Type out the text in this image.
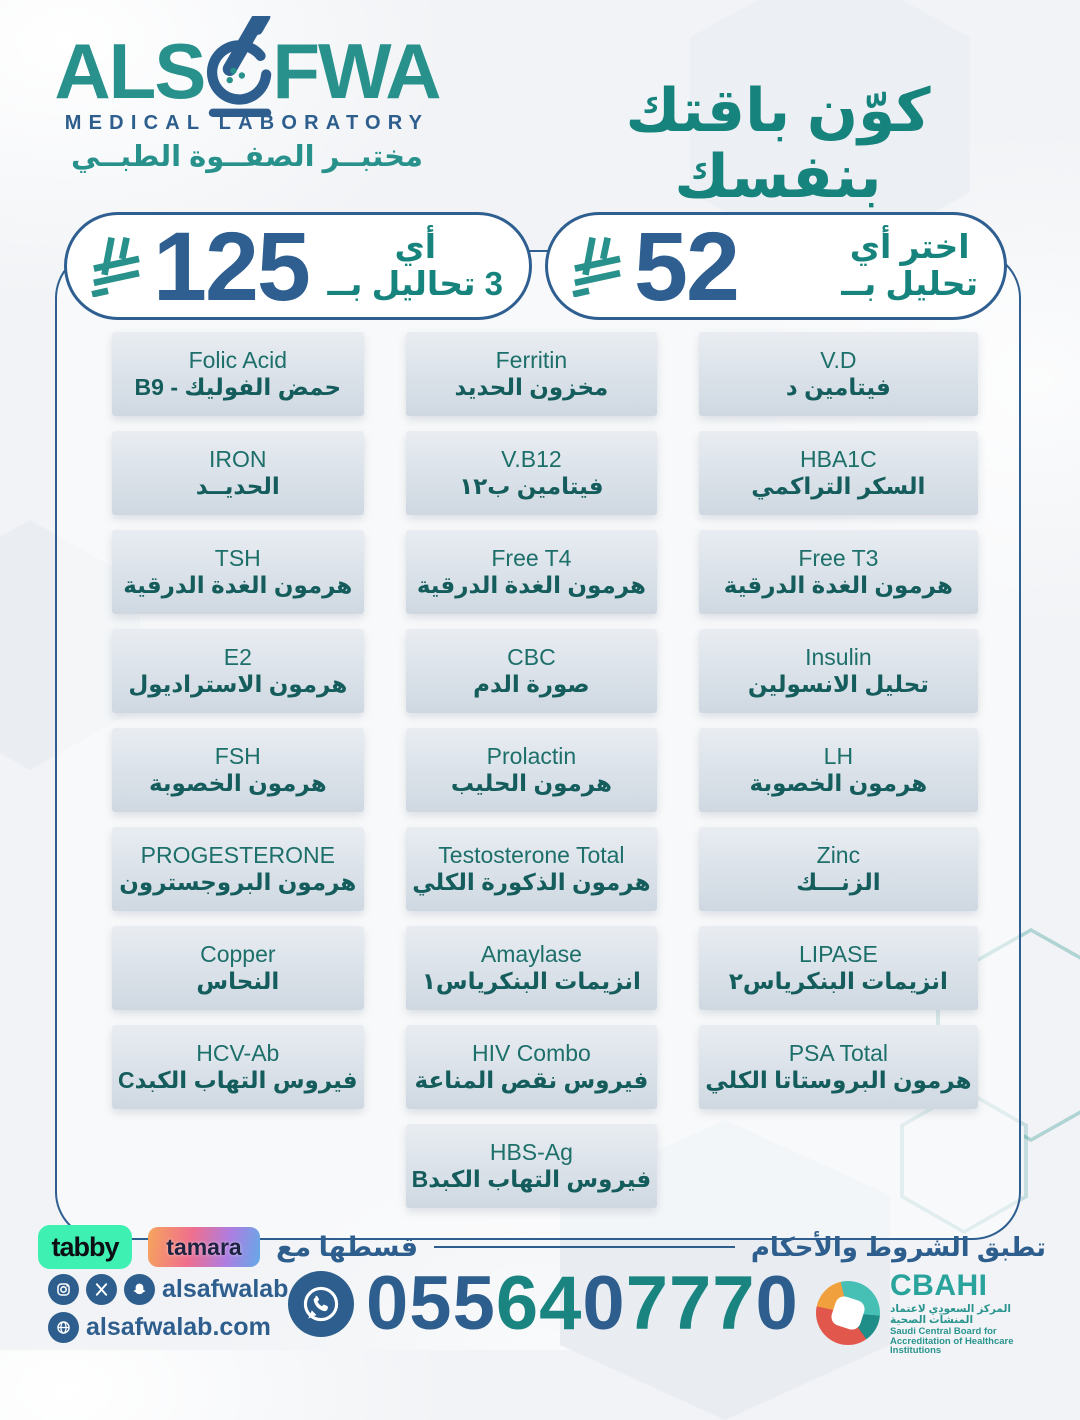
ALS FWA
MEDICAL LABORATORY
مختبــر الصفــوة الطبــي
كوّن باقتك بنفسك
52	اختر أي
تحليل بــ
125	أي
3 تحاليل بــ
Folic Acid
حمض الفوليك - B9
Ferritin
مخزون الحديد
V.D
فيتامين د
IRON
الحديــد
V.B12
فيتامين ب١٢
HBA1C
السكر التراكمي
TSH
هرمون الغدة الدرقية
Free T4
هرمون الغدة الدرقية
Free T3
هرمون الغدة الدرقية
E2
هرمون الاستراديول
CBC
صورة الدم
Insulin
تحليل الانسولين
FSH
هرمون الخصوبة
Prolactin
هرمون الحليب
LH
هرمون الخصوبة
PROGESTERONE
هرمون البروجسترون
Testosterone Total
هرمون الذكورة الكلي
Zinc
الزنـــك
Copper
النحاس
Amaylase
انزيمات البنكرياس١
LIPASE
انزيمات البنكرياس٢
HCV-Ab
فيروس التهاب الكبدC
HIV Combo
فيروس نقص المناعة
PSA Total
هرمون البروستاتا الكلي
HBS-Ag
فيروس التهاب الكبدB
tabby	tamara	قسطها مع	تطبق الشروط والأحكام
alsafwalab
alsafwalab.com 0 5 5 6 4 0 7 7 7 0	CBAHI
المركز السعودي لاعتماد المنشآت الصحية
Saudi Central Board for Accreditation of Healthcare Institutions
